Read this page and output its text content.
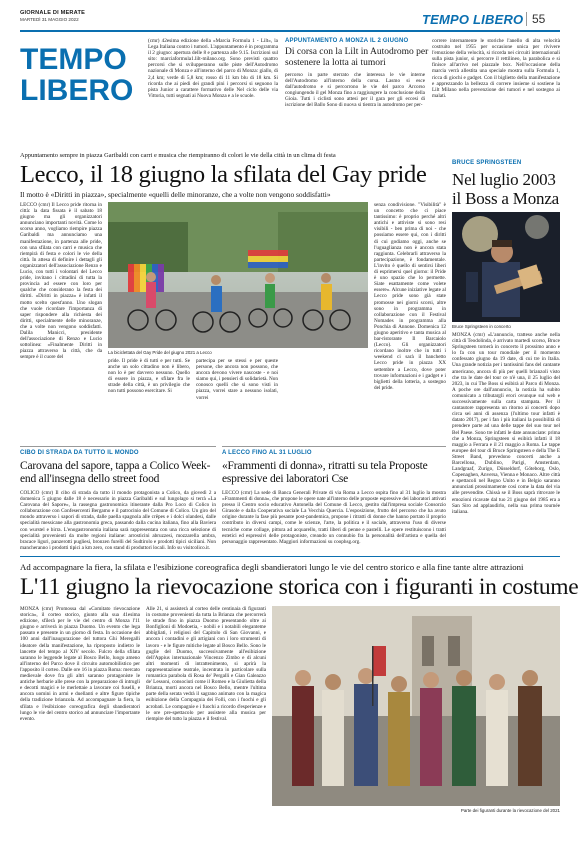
GIORNALE DI MERATE
MARTEDÌ 31 MAGGIO 2022	TEMPO LIBERO 55
TEMPO
LIBERO
(cmr) 42esima edizione della «Marcia Formula 1 - Lilt», la Lega Italiana contro i tumori. L'appuntamento è in programma il 2 giugno: apertura delle 8 e partenza alle 9.15. Iscrizioni sul sito: marciaformula1.lilt-milano.org. Sono previsti quattro percorsi che si svilupperanno sulle piste dell'Autodromo nazionale di Monza e all'interno del parco di Monza: giallo, di 2,4 km; verde di 5,8 km; rosso di 11 km blu di 18 km. Si ricorda che ai piedi dei grandi pini i percorsi si seguono la pista Junior a carattere formativo delle Nel ciclo delle via Vittoria, tutti segnati ai Nuova Monza e a le scuole.
APPUNTAMENTO A MONZA IL 2 GIUGNO
Di corsa con la Lilt in Autodromo per sostenere la lotta ai tumori
percorso in parte sterrato che interessa le vie interne dell'Autodromo all'interno della corsa. Lasmo si esce dall'autodromo e si percorrono le vie del parco Arcorso congiungendo il gel Monza fino a raggiungere la conclusione della Gioia. Tutti i ciclisti sono attesi per il gara per gli eccesi di iscrizione del Ballo Sono di nuova si tientra in autodromo per per-
correre internamente le storiche l'anello di alta velocità costruito nel 1955 per occasione unica per rivivere l'emozione della velocità, si ricorda nei circuiti internazionali sulla pista junior, si percorre il rettilineo, la parabolica e si finisce all'arrivo nel piazzale box. Nell'occasione della marcia verrà allestita una speciale mostra sulla Formula 1, ricca di giochi e gadget. Con il biglietto della manifestazione e apprezzando la bellezza di correre insieme si sostiene la Lilt Milano nella prevenzione dei tumori e nel sostegno ai malati.
Appuntamento sempre in piazza Garibaldi con carri e musica che riempiranno di colori le vie della città in un clima di festa
Lecco, il 18 giugno la sfilata del Gay pride
Il motto è «Diritti in piazza», specialmente «quelli delle minoranze, che a volte non vengono soddisfatti»
LECCO (cmr) Il Lecco pride ritorna in città: la data fissata è il sabato 18 giugno ma gli organizzatori annunciano importanti novità. Come lo scorso anno, vogliamo riempire piazza Garibaldi ma annunciamo una manifestazione, in partenza alle pride, con una sfilata con carri e musica che riempirà di festa e colori le vie della città. In attesa di definire i dettagli gli organizzatori dell'associazione Renzo e Lucio, con tutti i volontari del Lecco pride, invitano i cittadini di tutta la provincia ad essere con loro per qualche che considerano la festa dei diritti. «Diritti in piazza» è infatti il motto scelto quest'anno. Uno slogan che vuole ricordare l'importanza di saper rispondere alla richiesta dei diritti, specialmente delle minoranze, che a volte non vengono soddisfatti. Dalila Manicci, presidente dell'associazione di Renzo e Lucio sottolinea: «Finalmente Diritti in piazza attraverso la città, che da sempre è il cuore del
La biciclettata del Gay Pride del giugno 2021 a Lecco
pride. Il pride è di tutti e per tutti. Se anche un solo cittadino non è libero, non lo è per davvero nessuno. Quello di essere in piazza, e sfilare fra le strade della città, è un privilegio che non tutti possono esercitare. Si
partecipa per se stessi e per queste persone, che ancora non possono, che ancora devono vivere nascoste - e noi siamo qui, i pensieri di solidarietà. Non conosco quelli che si sono visti in piazza, vorrei stare a nessuno isolati, vorrei
senza condivisione. "Visibilità" è un concetto che ci piace tantissimo: è proprio perché altri antichi e attiviste si sono resi visibili - ben prima di noi - che possiamo essere qui, con i diritti di cui godiamo oggi, anche se l'uguaglianza non è ancora stata raggiunta. Celebrarli attraverso la partecipazione, è fondamentale. L'invito è quello di sentirsi liberi di esprimersi quel giorno: il Pride è uno spazio che lo permette. Siate esattamente come volete essere». Alcune iniziative legate al Lecco pride sono già state promosse nei giorni scorsi, altre sono in programma in collaborazione con il Festival Nomades in programma alla Ponchia di Annone. Domenica 12 giugno aperitivo e tanta musica al bar-ristorante Il Barcaiolo (Lecco). Gli organizzatori ricordano inoltre che in tutti i weekend ci sarà il banchetto Lecco pride in piazza XX settembre a Lecco, dove poter trovare informazioni e i gadget e i biglietti della lotteria, a sostegno del pride.
BRUCE SPRINGSTEEN
Nel luglio 2003 il Boss a Monza
Bruce Springsteen in concerto
MONZA (cmr) «L'annuncio, tratteso anche nella città di Teodolinda, è arrivato martedì scorso, Bruce Springsteen tornerà in concerto il prossimo anno e lo fa con un tour mondiale per il momento confessato giugno da 19 date, di cui tre in Italia. Una grande notizia per i tantissimi fans del cantante americano, ancora di più per quelli brianzoli visto che tra le date del tour ce n'è una, il 25 luglio del 2023, in cui The Boss si esibirà al Parco di Monza. A poche ore dall'annuncio, la notizia ha subito comunicato a tributargli erori ovunque sul web e successivamente sulla carta stampata. Per il cantautore rappresenta un ritorno ai concerti dopo circa sei anni di assenza (l'ultimo tour infatti è datato 2017), per i fan i più italiani la possibilità di prendere parte ad una delle tappe del suo tour nel Bel Paese. Sono tre infatti le date annunciate: prima che a Monza, Springsteen si esibirà infatti il 18 maggio a Ferrara e il 21 maggio a Roma. Le tappe europee del tour di Bruce Springsteen e della The E Street Band, prevedono concerti anche a Barcellona, Dublino, Parigi, Amsterdam, Landgraaf, Zurigo, Düsseldorf, Göteborg, Oslo, Copenaghen, Anversa, Vienna e Monaco. Altre città e spettacoli nel Regno Unito e in Belgio saranno annunciati prossimamente così come la data del via alle prevendite. Chissà se il Boss saprà ritrovare le emozioni ricavate dal tuo 21 giugno del 1985 era a San Siro ad applaudirlo, nella sua prima tournée italiana.
CIBO DI STRADA DA TUTTO IL MONDO
Carovana del sapore, tappa a Colico Week-end all'insegna dello street food
COLICO (cmr) Il cibo di strada da tutto il mondo protagonista a Colico, da giovedì 2 a domenica 5 giugno dalle 18 è necessario in piazza Garibaldi e sul lungolago si terrà «La Carovana del Sapore», la rassegna gastronomica itinerante dalla Pro Loco di Colico in collaborazione con Confesercenti Bergamo e il patrocinio del Comune di Colico. Un giro del mondo attraverso i sapori di strada, dalle paella spagnola alle crêpes e i dolci olandesi, dalle specialità messicane alla gastronomia greca, passando dalla cucina italiana, fino alla Baviera con wurstel e birra. L'enogastronomia italiana sarà rappresentata con una ricca selezione di specialità provenienti da molte regioni italiane: arrosticini abruzzesi, mozzarella ambra, bracace liguri, panzerotti pugliesi, bronzen furelli del Sudtirolo e prodotti tipici siciliani. Non mancheranno i prodotti tipici a km zero, con stand di produttori locali. Info su visitcolico.it.
A LECCO FINO AL 31 LUGLIO
«Frammenti di donna», ritratti su tela Proposte espressive dei laboratori Cse
LECCO (cmr) La sede di Banca Generali Private di via Roma a Lecco ospita fino al 31 luglio la mostra «Frammenti di donna», che propone le opere nate all'interno delle proposte espressive dei laboratori attivati presso il Centro socio educativo Antonella del Comune di Lecco, gestito dall'impresa sociale Consorzio Girasole e dalla Cooperativa sociale La Vecchia Quercia. L'esposizione, frutto del percorso che ha avuto origine durante la fase più pesante post-pandemica, propone i ritratti di donne che hanno portato il proprio contributo in diversi campi, come le scienze, l'arte, la politica e il sociale, attraverso l'uso di diverse tecniche come collage, pittura ad acquarello, tratti liberi di penne e pastelli. Le opere restituiscono i tratti estetici ed espressivi delle protagoniste, creando un connubio fra la personalità dell'artista e quella del personaggio rappresentato. Maggiori informazioni su coophsg.org.
Ad accompagnare la fiera, la sfilata e l'esibizione coreografica degli sbandieratori lungo le vie del centro storico e alla fine tante altre attrazioni
L'11 giugno la rievocazione storica con i figuranti in costume
MONZA (cmr) Promossa dal «Comitato rievocazione storica», il corteo storico, giunto alla sua 41esima edizione, sfilerà per le vie del centro di Monza l'11 giugno e arriverà in piazza Duomo. Un evento che lega passato e presente in un giorno di festa. In occasione dei 100 anni dall'inaugurazione del tuttora Ghi Meregalli ideatore della manifestazione, ha riproposto indietro le lancette del tempo al XIV secolo. Fulcro della sfilata saranno le leggende legate al Bosco Bello, luogo ameno all'interno del Parco dove il circuito automobilistico per l'apposito il corteo. Dalle ore 16 in piazza Roma: mercato medievale dove fra gli altri saranno protagoniste le antiche herbarie alle prese con la preparazione di intrugli e decotti magici e le merlettaie a lavorare coi fuselli, e ancora uomini in armi e duellanti e altre figure tipiche della tradizione brianzola. Ad accompagnare la fiera, la sfilata e l'esibizione coreografica degli sbandieratori lungo le vie del centro storico ad annunciare l'importante evento.
Alle 21, si assisterà al corteo delle centinaia di figuranti in costume provenienti da tutta la Brianza che percorrerà le strade fino in piazza Duomo presentando oltre ai Bonfiglioni di Modoetia, - nobili e i notabili eleganteme abbigliati, i religiosi del Capitolo di San Giovanni, e ancora i contadini e gli artigiani con i loro strumenti di lavoro - e le figure mitiche legate al Bosco Bello. Sono le guglie del Duomo, successivamente all'esibizione dell'Appius internazionale Vincenzo Zimbo e di alcuni altri momenti di intrattenimento, si aprirà la rappresentazione teatrale, incentrata in particolare sulla romantica parabola di Rosa de' Pergalli e Gian Galeazzo de' Lessoni, consociuti come il Romeo e la Giulietta della Brianza, morti ancora nel Bosco Bello, mentre l'ultima parte della serata vedrà il sagrano animato con la magica esibizione della Compagnia dei Folli, con i fuochi e gli acrobati. Le compagnie e i fuochi a ricordo d'esperienze e le ore pre-spettacolo per assistere alla musica per riempire del tutto la piazza e il festival.
Parte dei figuranti durante la rievocazione del 2021
